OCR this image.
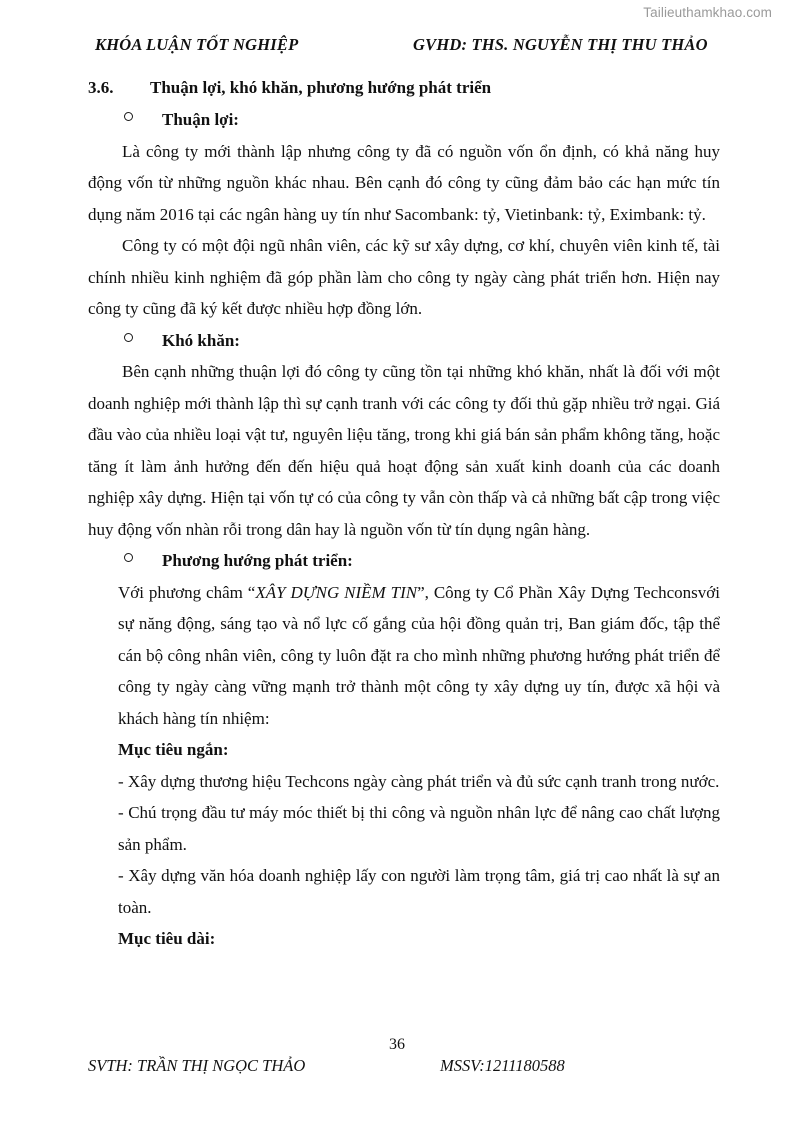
Tailieuthamkhao.com
KHÓA LUẬN TỐT NGHIỆP	GVHD: THS. NGUYỄN THỊ THU THẢO
3.6.	Thuận lợi, khó khăn, phương hướng phát triển
Thuận lợi:

Là công ty mới thành lập nhưng công ty đã có nguồn vốn ổn định, có khả năng huy động vốn từ những nguồn khác nhau. Bên cạnh đó công ty cũng đảm bảo các hạn mức tín dụng năm 2016 tại các ngân hàng uy tín như Sacombank: tỷ, Vietinbank: tỷ, Eximbank: tỷ.

Công ty có một đội ngũ nhân viên, các kỹ sư xây dựng, cơ khí, chuyên viên kinh tế, tài chính nhiều kinh nghiệm đã góp phần làm cho công ty ngày càng phát triển hơn. Hiện nay công ty cũng đã ký kết được nhiều hợp đồng lớn.

Khó khăn:

Bên cạnh những thuận lợi đó công ty cũng tồn tại những khó khăn, nhất là đối với một doanh nghiệp mới thành lập thì sự cạnh tranh với các công ty đối thủ gặp nhiều trở ngại. Giá đầu vào của nhiều loại vật tư, nguyên liệu tăng, trong khi giá bán sản phẩm không tăng, hoặc tăng ít làm ảnh hưởng đến đến hiệu quả hoạt động sản xuất kinh doanh của các doanh nghiệp xây dựng. Hiện tại vốn tự có của công ty vẫn còn thấp và cả những bất cập trong việc huy động vốn nhàn rỗi trong dân hay là nguồn vốn từ tín dụng ngân hàng.

Phương hướng phát triển:

Với phương châm “XÂY DỰNG NIỀM TIN”, Công ty Cổ Phần Xây Dựng Techconsvới sự năng động, sáng tạo và nổ lực cố gắng của hội đồng quản trị, Ban giám đốc, tập thể cán bộ công nhân viên, công ty luôn đặt ra cho mình những phương hướng phát triển để công ty ngày càng vững mạnh trở thành một công ty xây dựng uy tín, được xã hội và khách hàng tín nhiệm:

Mục tiêu ngắn:

- Xây dựng thương hiệu Techcons ngày càng phát triển và đủ sức cạnh tranh trong nước.

- Chú trọng đầu tư máy móc thiết bị thi công và nguồn nhân lực để nâng cao chất lượng sản phẩm.

- Xây dựng văn hóa doanh nghiệp lấy con người làm trọng tâm, giá trị cao nhất là sự an toàn.

Mục tiêu dài:
36
SVTH: TRẦN THỊ NGỌC THẢO	MSSV:1211180588
